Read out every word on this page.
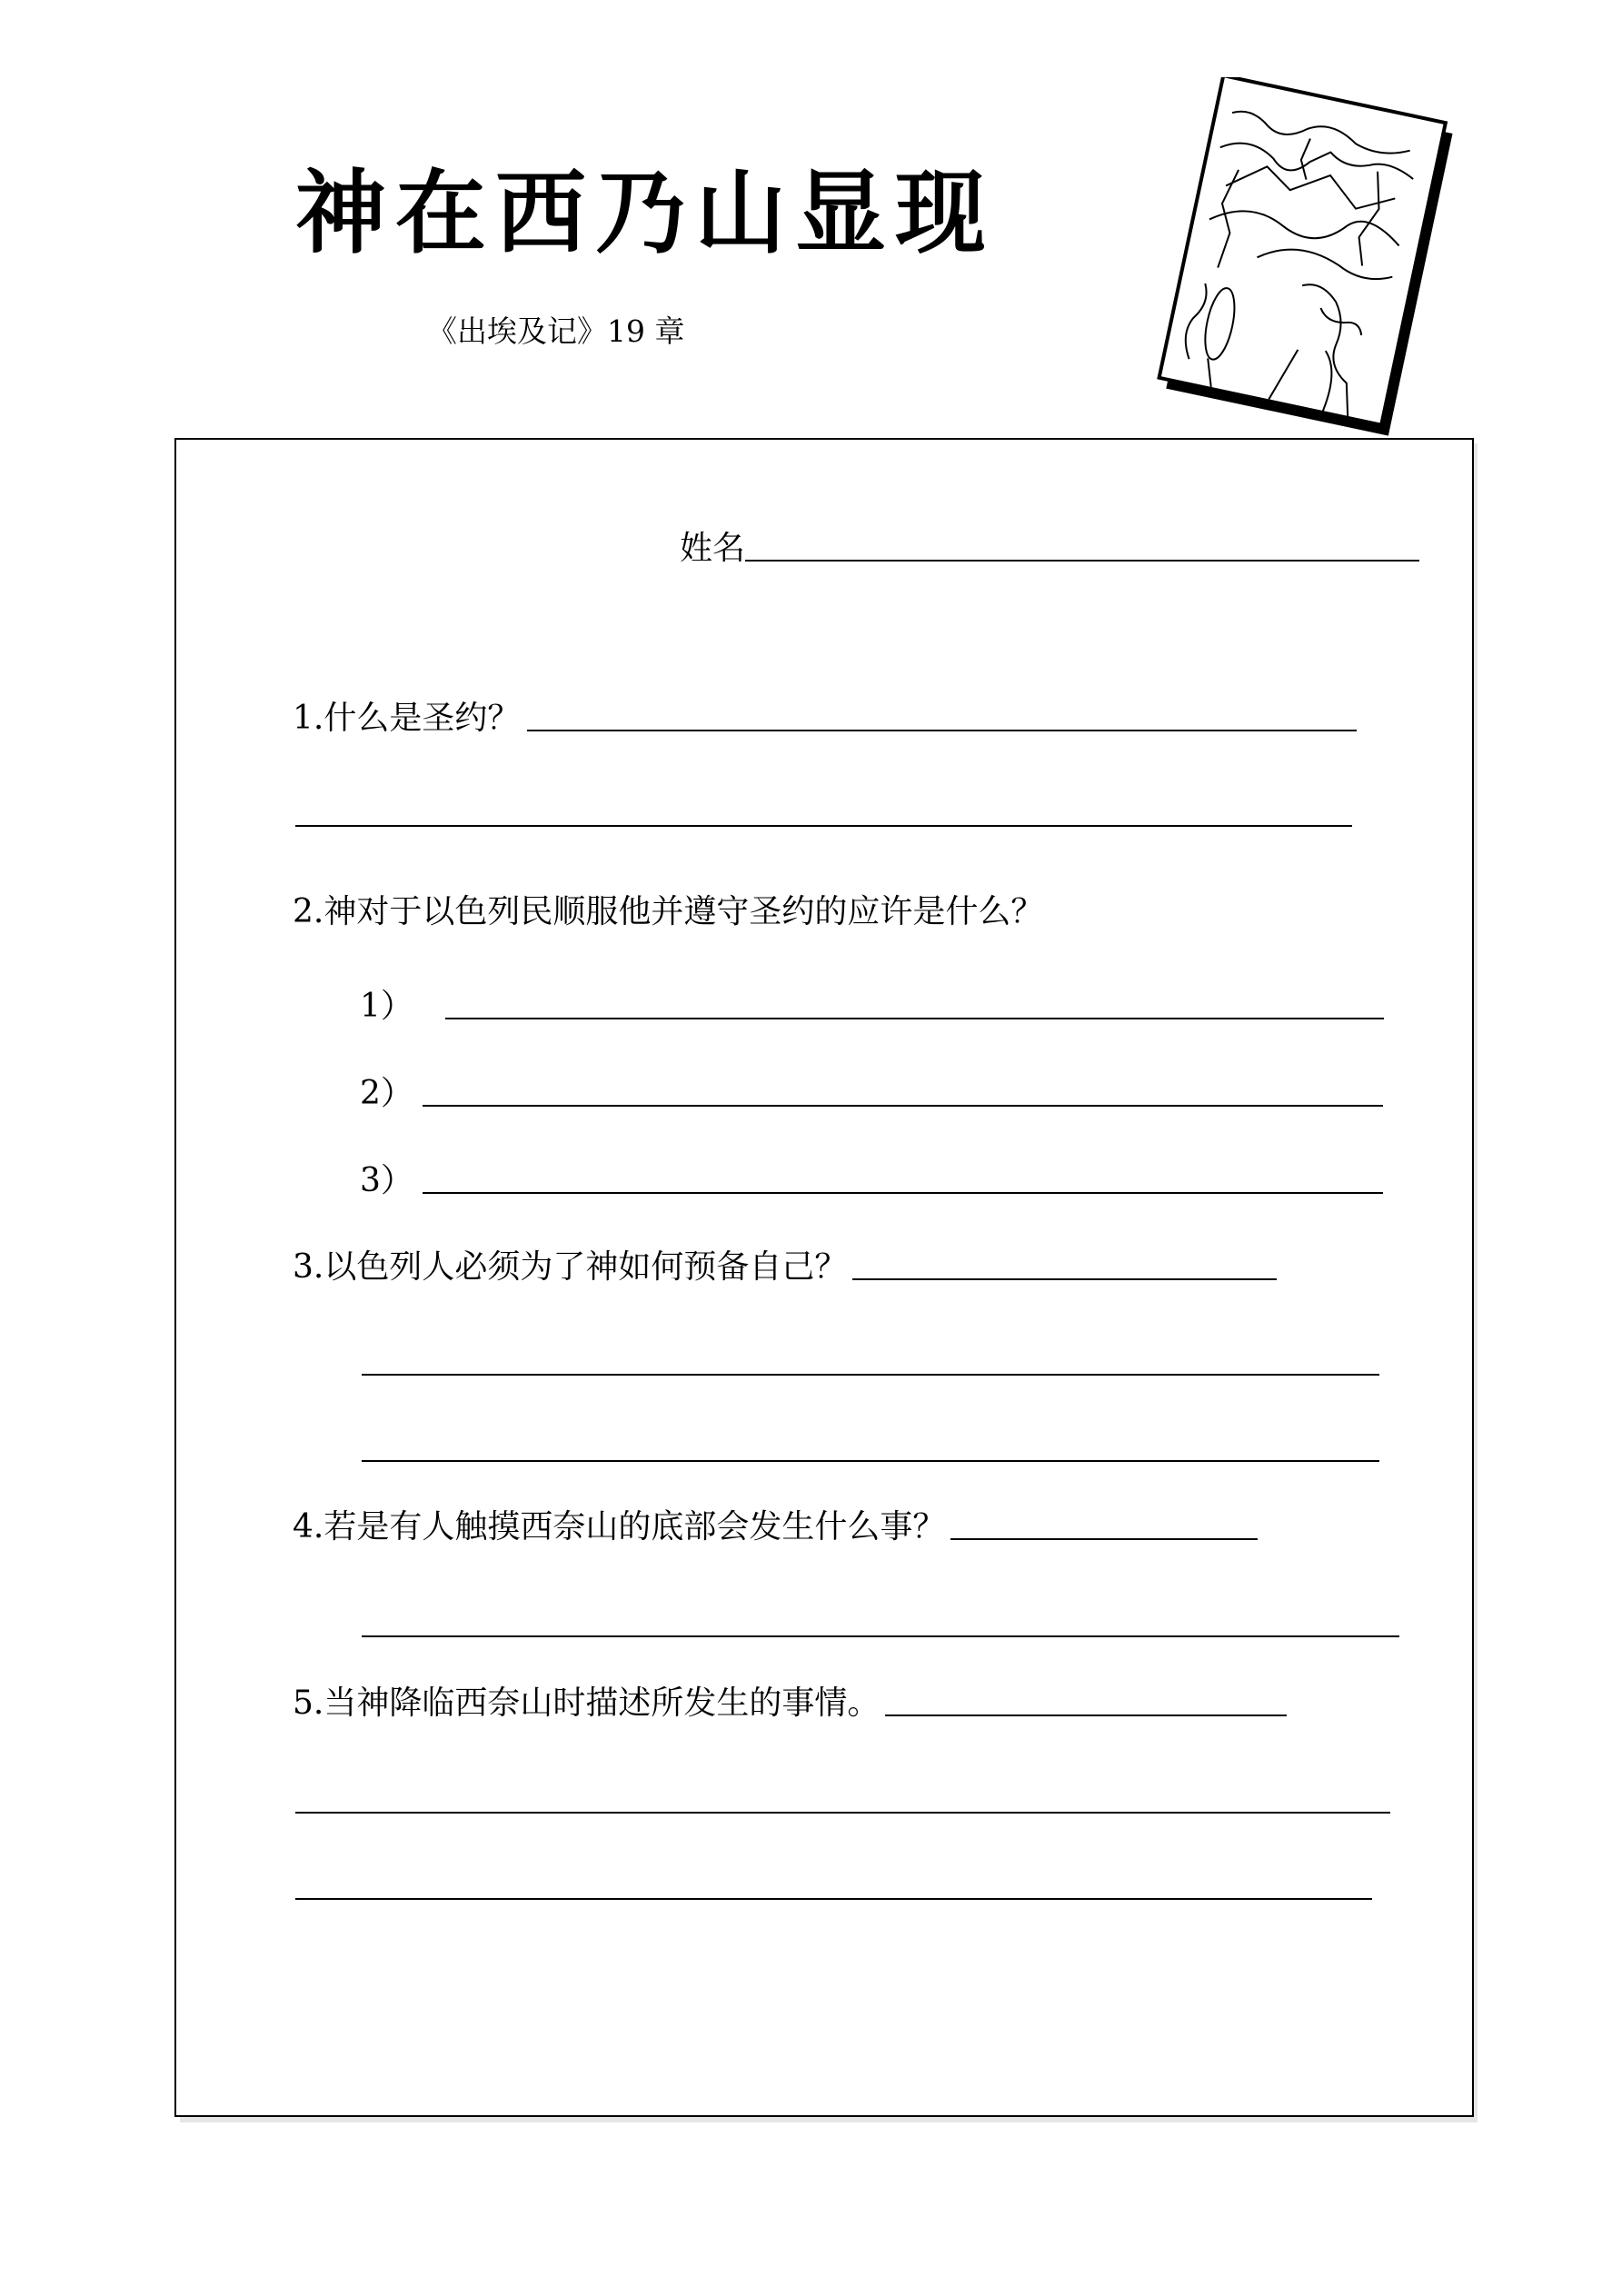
神在西乃山显现
《出埃及记》19 章
姓名
1.什么是圣约？
2.神对于以色列民顺服他并遵守圣约的应许是什么？
1）
2）
3）
3.以色列人必须为了神如何预备自己？
4.若是有人触摸西奈山的底部会发生什么事？
5.当神降临西奈山时描述所发生的事情。
